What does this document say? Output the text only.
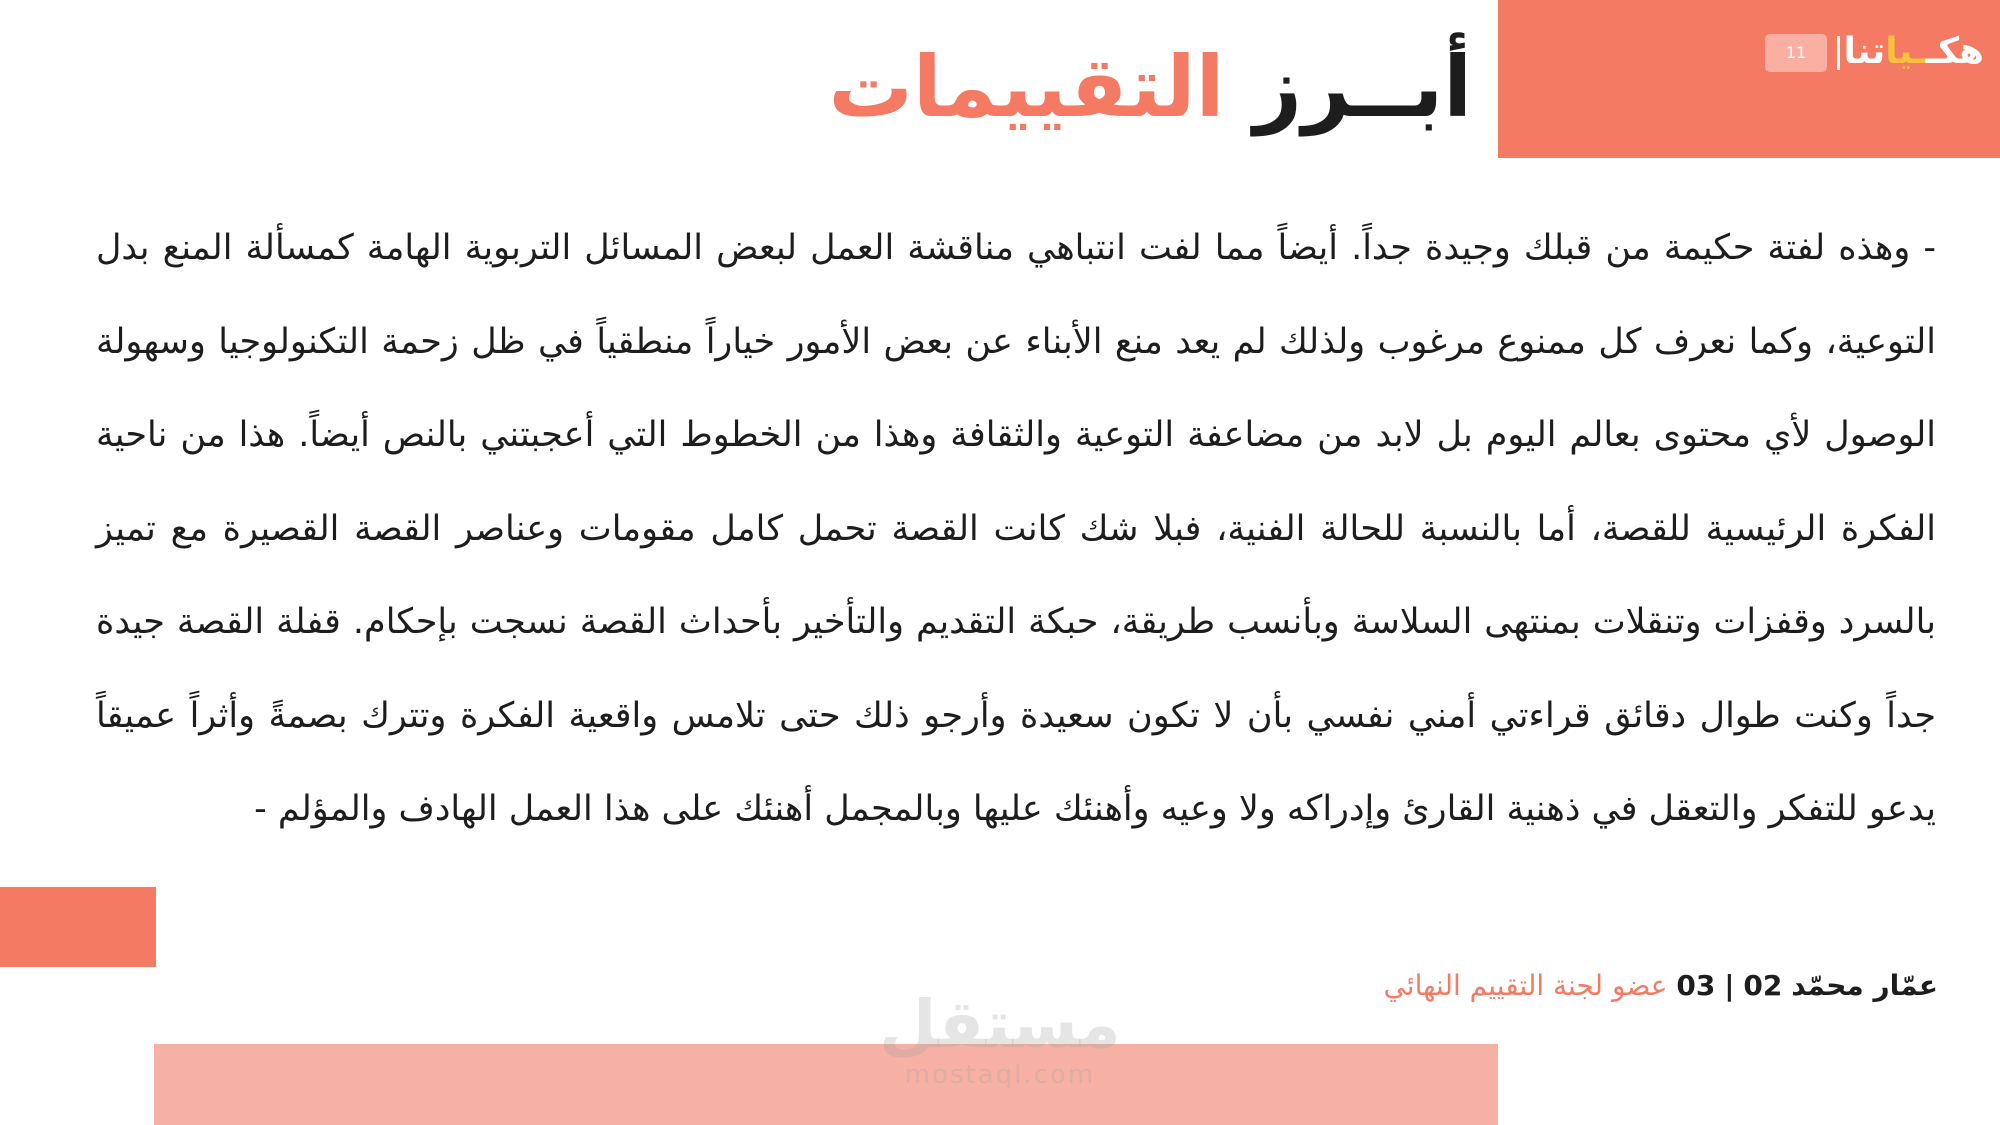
11	هكــياتنا
أبــرز التقييمات
- وهذه لفتة حكيمة من قبلك وجيدة جداً. أيضاً مما لفت انتباهي مناقشة العمل لبعض المسائل التربوية الهامة كمسألة المنع بدل التوعية، وكما نعرف كل ممنوع مرغوب ولذلك لم يعد منع الأبناء عن بعض الأمور خياراً منطقياً في ظل زحمة التكنولوجيا وسهولة الوصول لأي محتوى بعالم اليوم بل لابد من مضاعفة التوعية والثقافة وهذا من الخطوط التي أعجبتني بالنص أيضاً. هذا من ناحية الفكرة الرئيسية للقصة، أما بالنسبة للحالة الفنية، فبلا شك كانت القصة تحمل كامل مقومات وعناصر القصة القصيرة مع تميز بالسرد وقفزات وتنقلات بمنتهى السلاسة وبأنسب طريقة، حبكة التقديم والتأخير بأحداث القصة نسجت بإحكام. قفلة القصة جيدة جداً وكنت طوال دقائق قراءتي أمني نفسي بأن لا تكون سعيدة وأرجو ذلك حتى تلامس واقعية الفكرة وتترك بصمةً وأثراً عميقاً يدعو للتفكر والتعقل في ذهنية القارئ وإدراكه ولا وعيه وأهنئك عليها وبالمجمل أهنئك على هذا العمل الهادف والمؤلم -
عمّار محمّد 02 | 03 عضو لجنة التقييم النهائي
مستقل
mostaql.com
